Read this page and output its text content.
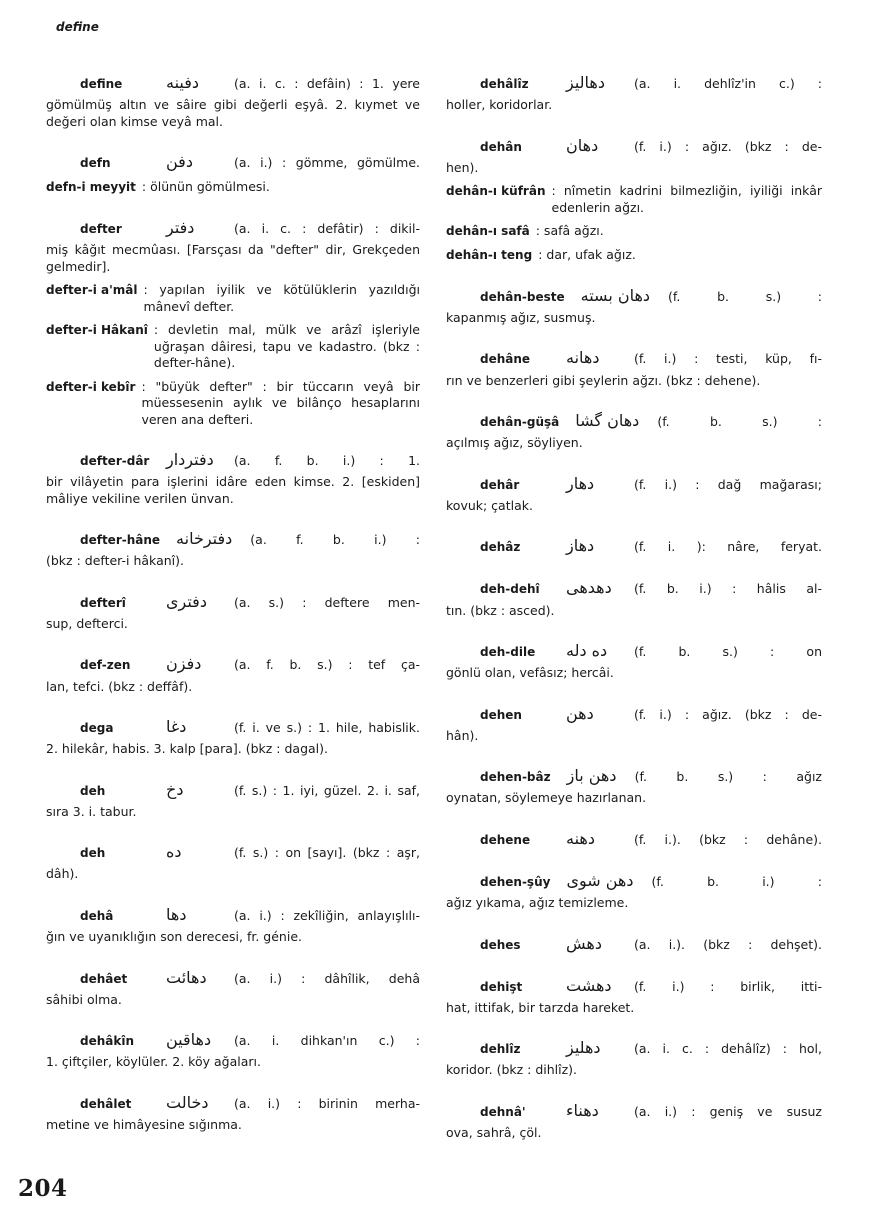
define
define	دفينه	(a. i. c. : defâin) : 1. yere
gömülmüş altın ve sâire gibi değerli eşyâ. 2. kıymet ve değeri olan kimse veyâ mal.
defn	دفن	(a. i.) : gömme, gömülme.
defn-i meyyit : ölünün gömülmesi.
defter	دفتر	(a. i. c. : defâtir) : dikil-
miş kâğıt mecmûası. [Farsçası da "defter" dir, Grekçeden gelmedir].
defter-i a'mâl : yapılan iyilik ve kötülüklerin yazıldığı mânevî defter.
defter-i Hâkanî : devletin mal, mülk ve arâzî işleriyle uğraşan dâiresi, tapu ve kadastro. (bkz : defter-hâne).
defter-i kebîr : "büyük defter" : bir tüccarın veyâ bir müessesenin aylık ve bilânço hesaplarını veren ana defteri.
defter-dâr دفتردار (a. f. b. i.) : 1.
bir vilâyetin para işlerini idâre eden kimse. 2. [eskiden] mâliye vekiline verilen ünvan.
defter-hâne دفترخانه (a. f. b. i.) :
(bkz : defter-i hâkanî).
defterî	دفترى	(a. s.) : deftere men-
sup, defterci.
def-zen	دفزن	(a. f. b. s.) : tef ça-
lan, tefci. (bkz : deffâf).
dega	دغا	(f. i. ve s.) : 1. hile, habislik.
2. hilekâr, habis. 3. kalp [para]. (bkz : dagal).
deh	دخ	(f. s.) : 1. iyi, güzel. 2. i. saf,
sıra 3. i. tabur.
deh	ده	(f. s.) : on [sayı]. (bkz : aşr,
dâh).
dehâ	دها	(a. i.) : zekîliğin, anlayışlılı-
ğın ve uyanıklığın son derecesi, fr. génie.
dehâet	دهائت	(a. i.) : dâhîlik, dehâ
sâhibi olma.
dehâkîn	دهاقين	(a. i. dihkan'ın c.) :
1. çiftçiler, köylüler. 2. köy ağaları.
dehâlet	دخالت	(a. i.) : birinin merha-
metine ve himâyesine sığınma.
dehâlîz	دهاليز	(a. i. dehlîz'in c.) :
holler, koridorlar.
dehân	دهان	(f. i.) : ağız. (bkz : de-
hen).
dehân-ı küfrân : nîmetin kadrini bilmezliğin, iyiliği inkâr edenlerin ağzı.
dehân-ı safâ : safâ ağzı.
dehân-ı teng : dar, ufak ağız.
dehân-beste دهان بسته (f. b. s.) :
kapanmış ağız, susmuş.
dehâne	دهانه	(f. i.) : testi, küp, fı-
rın ve benzerleri gibi şeylerin ağzı. (bkz : dehene).
dehân-güşâ دهان گشا (f. b. s.) :
açılmış ağız, söyliyen.
dehâr	دهار	(f. i.) : dağ mağarası;
kovuk; çatlak.
dehâz	دهاز	(f. i. ): nâre, feryat.
deh-dehî	دهدهى	(f. b. i.) : hâlis al-
tın. (bkz : asced).
deh-dile	ده دله	(f. b. s.) : on
gönlü olan, vefâsız; hercâi.
dehen	دهن	(f. i.) : ağız. (bkz : de-
hân).
dehen-bâz دهن باز (f. b. s.) : ağız
oynatan, söylemeye hazırlanan.
dehene	دهنه	(f. i.). (bkz : dehâne).
dehen-şûy دهن شوى (f. b. i.) :
ağız yıkama, ağız temizleme.
dehes	دهش	(a. i.). (bkz : dehşet).
dehişt	دهشت	(f. i.) : birlik, itti-
hat, ittifak, bir tarzda hareket.
dehlîz	دهليز	(a. i. c. : dehâlîz) : hol,
koridor. (bkz : dihlîz).
dehnâ'	دهناء	(a. i.) : geniş ve susuz
ova, sahrâ, çöl.
204
